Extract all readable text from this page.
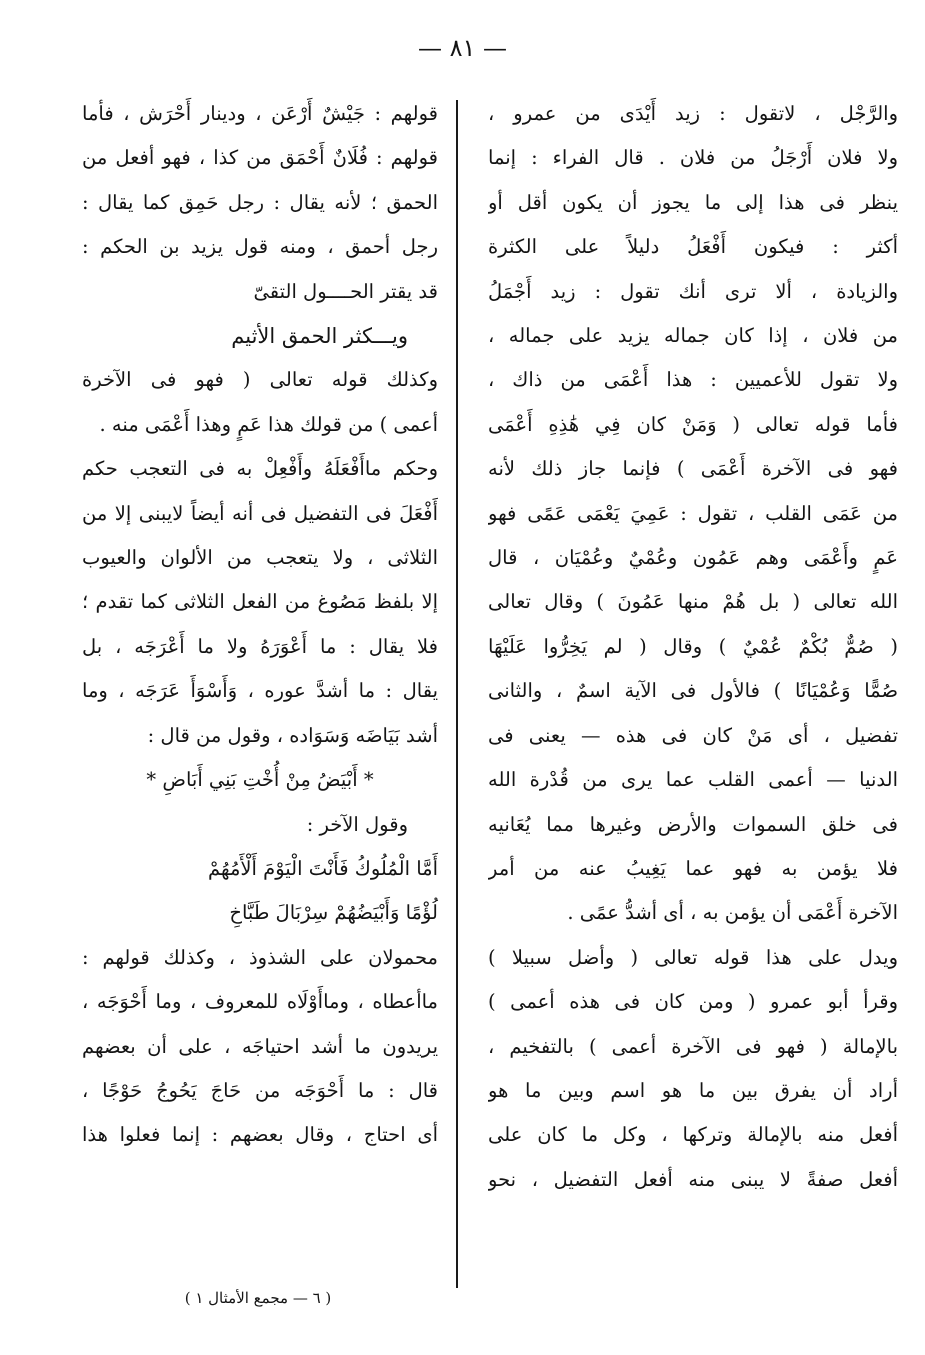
— ٨١ —
والرَّجْل ، لاتقول : زيد أَيْدَى من عمرو ،
ولا فلان أَرْجَلُ من فلان . قال الفراء : إنما
ينظر فى هذا إلى ما يجوز أن يكون أقل أو
أكثر : فيكون أَفْعَلُ دليلاً على الكثرة
والزيادة ، ألا ترى أنك تقول : زيد أَجْمَلُ
من فلان ، إذا كان جماله يزيد على جماله ،
ولا تقول للأعميين : هذا أَعْمَى من ذاك ،
فأما قوله تعالى ( وَمَنْ كان فِي هَٰذِهِ أَعْمَى
فهو فى الآخرة أَعْمَى ) فإنما جاز ذلك لأنه
من عَمَى القلب ، تقول : عَمِيَ يَعْمَى عَمًى فهو
عَمٍ وأَعْمَى وهم عَمُون وعُمْيٌ وعُمْيَان ، قال
الله تعالى ( بل هُمْ منها عَمُونَ ) وقال تعالى
( صُمٌّ بُكْمٌ عُمْيٌ ) وقال ( لم يَخِرُّوا عَلَيْهَا
صُمًّا وَعُمْيَانًا ) فالأول فى الآية اسمٌ ، والثانى
تفضيل ، أى مَنْ كان فى هذه — يعنى فى
الدنيا — أعمى القلب عما يرى من قُدْرة الله
فى خلق السموات والأرض وغيرها مما يُعَانيه
فلا يؤمن به فهو عما يَغِيبُ عنه من أمر
الآخرة أَعْمَى أن يؤمن به ، أى أشدُّ عمًى .
ويدل على هذا قوله تعالى ( وأضل سبيلا )
وقرأ أبو عمرو ( ومن كان فى هذه أعمى )
بالإمالة ( فهو فى الآخرة أعمى ) بالتفخيم ،
أراد أن يفرق بين ما هو اسم وبين ما هو
أفعل منه بالإمالة وتركها ، وكل ما كان على
أفعل صفةً لا يبنى منه أفعل التفضيل ، نحو
قولهم : جَيْشٌ أَرْعَن ، ودينار أَحْرَش ، فأما
قولهم : فُلَانٌ أَحْمَق من كذا ، فهو أفعل من
الحمق ؛ لأنه يقال : رجل حَمِق كما يقال :
رجل أحمق ، ومنه قول يزيد بن الحكم :
قد يقتر الحــــول التقىّ
ويـــكثر الحمق الأثيم
وكذلك قوله تعالى ( فهو فى الآخرة
أعمى ) من قولك هذا عَمٍ وهذا أَعْمَى منه .
وحكم ماأَفْعَلَهُ وأَفْعِلْ به فى التعجب حكم
أَفْعَلَ فى التفضيل فى أنه أيضاً لايبنى إلا من
الثلاثى ، ولا يتعجب من الألوان والعيوب
إلا بلفظ مَصُوغ من الفعل الثلاثى كما تقدم ؛
فلا يقال : ما أَعْوَرَهُ ولا ما أَعْرَجَه ، بل
يقال : ما أشدَّ عوره ، وَأَسْوَأَ عَرَجَه ، وما
أشد بَيَاضَه وَسَوَاده ، وقول من قال :
* أَبْيَضُ مِنْ أُخْتِ بَنِي أَبَاضِ *
وقول الآخر :
أَمَّا الْمُلُوكُ فَأَنْتَ الْيَوْمَ أَلْأَمُهُمْ
لُؤْمًا وَأَبْيَضُهُمْ سِرْبَالَ طَبَّاخِ
محمولان على الشذوذ ، وكذلك قولهم :
ماأعطاه ، وماأَوْلَاه للمعروف ، وما أَحْوَجَه ،
يريدون ما أشد احتياجَه ، على أن بعضهم
قال : ما أَحْوَجَه من حَاجَ يَحُوجُ حَوْجًا ،
أى احتاج ، وقال بعضهم : إنما فعلوا هذا
( ٦ — مجمع الأمثال ١ )
